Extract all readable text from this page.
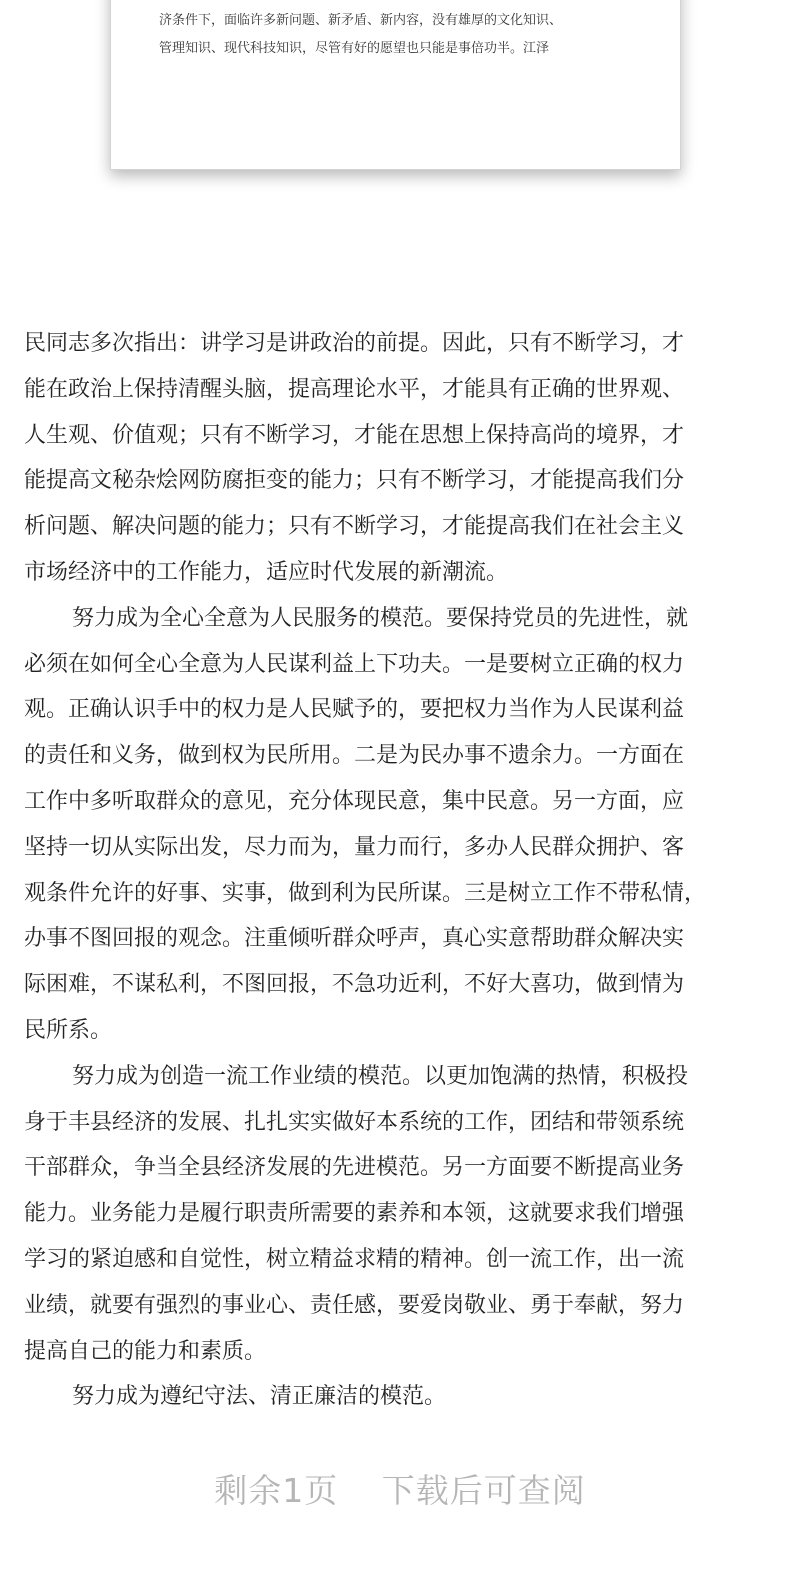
济条件下，面临许多新问题、新矛盾、新内容，没有雄厚的文化知识、
管理知识、现代科技知识，尽管有好的愿望也只能是事倍功半。江泽

民同志多次指出：讲学习是讲政治的前提。因此，只有不断学习，才
能在政治上保持清醒头脑，提高理论水平，才能具有正确的世界观、
人生观、价值观；只有不断学习，才能在思想上保持高尚的境界，才
能提高文秘杂烩网防腐拒变的能力；只有不断学习，才能提高我们分
析问题、解决问题的能力；只有不断学习，才能提高我们在社会主义
市场经济中的工作能力，适应时代发展的新潮流。
努力成为全心全意为人民服务的模范。要保持党员的先进性，就
必须在如何全心全意为人民谋利益上下功夫。一是要树立正确的权力
观。正确认识手中的权力是人民赋予的，要把权力当作为人民谋利益
的责任和义务，做到权为民所用。二是为民办事不遗余力。一方面在
工作中多听取群众的意见，充分体现民意，集中民意。另一方面，应
坚持一切从实际出发，尽力而为，量力而行，多办人民群众拥护、客
观条件允许的好事、实事，做到利为民所谋。三是树立工作不带私情，
办事不图回报的观念。注重倾听群众呼声，真心实意帮助群众解决实
际困难，不谋私利，不图回报，不急功近利，不好大喜功，做到情为
民所系。
努力成为创造一流工作业绩的模范。以更加饱满的热情，积极投
身于丰县经济的发展、扎扎实实做好本系统的工作，团结和带领系统
干部群众，争当全县经济发展的先进模范。另一方面要不断提高业务
能力。业务能力是履行职责所需要的素养和本领，这就要求我们增强
学习的紧迫感和自觉性，树立精益求精的精神。创一流工作，出一流
业绩，就要有强烈的事业心、责任感，要爱岗敬业、勇于奉献，努力
提高自己的能力和素质。
努力成为遵纪守法、清正廉洁的模范。
剩余1页 下载后可查阅
